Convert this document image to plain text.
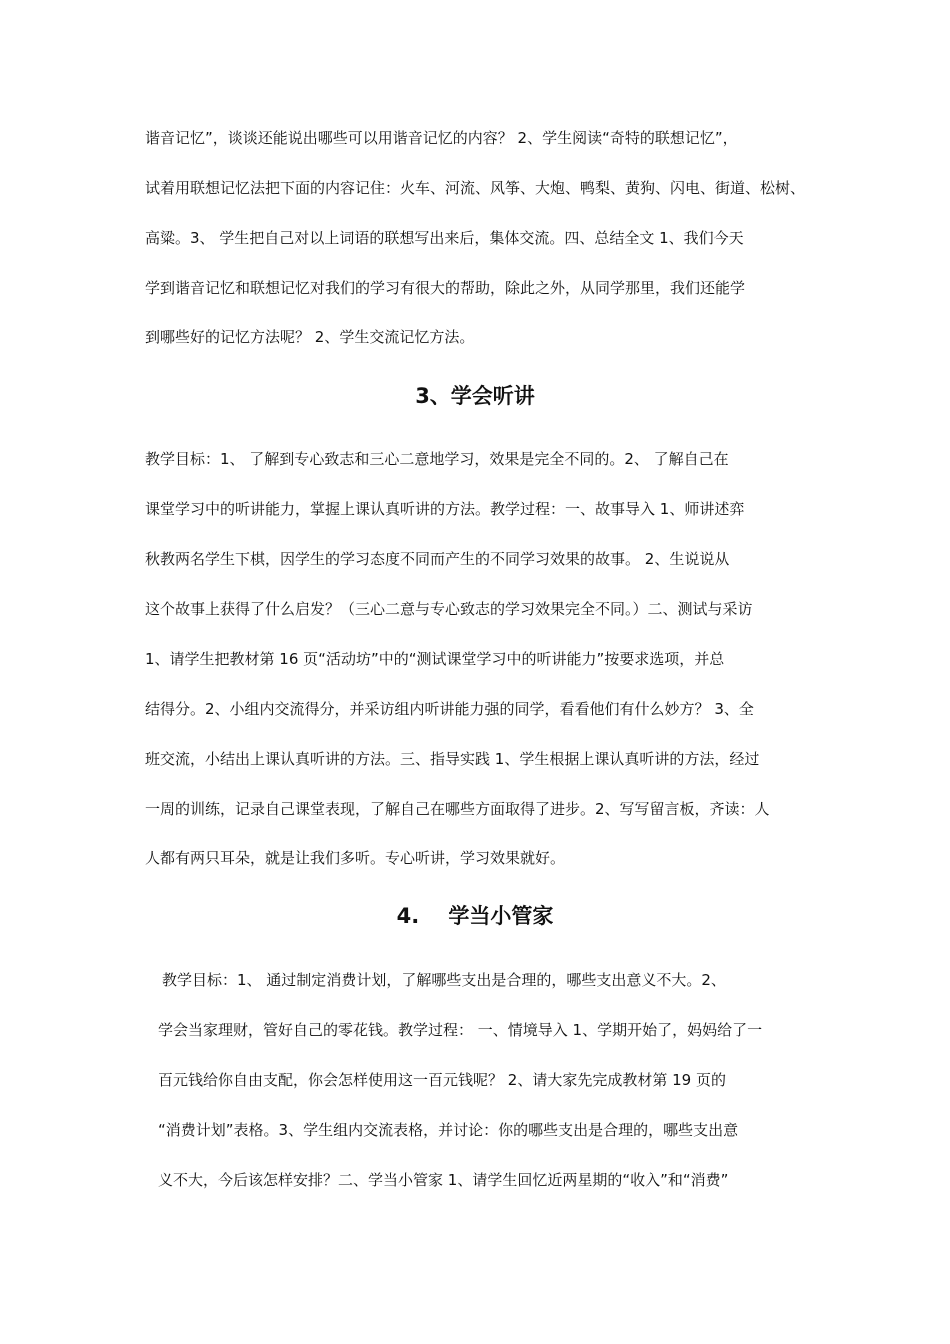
谐音记忆”，谈谈还能说出哪些可以用谐音记忆的内容？ 2、学生阅读“奇特的联想记忆”，
试着用联想记忆法把下面的内容记住：火车、河流、风筝、大炮、鸭梨、黄狗、闪电、街道、松树、
高粱。3、 学生把自己对以上词语的联想写出来后，集体交流。四、总结全文 1、我们今天
学到谐音记忆和联想记忆对我们的学习有很大的帮助，除此之外，从同学那里，我们还能学
到哪些好的记忆方法呢？ 2、学生交流记忆方法。
3、学会听讲
教学目标：1、 了解到专心致志和三心二意地学习，效果是完全不同的。2、 了解自己在
课堂学习中的听讲能力，掌握上课认真听讲的方法。教学过程：一、故事导入 1、师讲述弈
秋教两名学生下棋，因学生的学习态度不同而产生的不同学习效果的故事。 2、生说说从
这个故事上获得了什么启发？（三心二意与专心致志的学习效果完全不同。）二、测试与采访
1、请学生把教材第 16 页“活动坊”中的“测试课堂学习中的听讲能力”按要求选项，并总
结得分。2、小组内交流得分，并采访组内听讲能力强的同学，看看他们有什么妙方？ 3、全
班交流，小结出上课认真听讲的方法。三、指导实践 1、学生根据上课认真听讲的方法，经过
一周的训练，记录自己课堂表现，了解自己在哪些方面取得了进步。2、写写留言板，齐读：人
人都有两只耳朵，就是让我们多听。专心听讲，学习效果就好。
4.    学当小管家
教学目标：1、 通过制定消费计划，了解哪些支出是合理的，哪些支出意义不大。2、
学会当家理财，管好自己的零花钱。教学过程： 一、情境导入 1、学期开始了，妈妈给了一
百元钱给你自由支配，你会怎样使用这一百元钱呢？ 2、请大家先完成教材第 19 页的
“消费计划”表格。3、学生组内交流表格，并讨论：你的哪些支出是合理的，哪些支出意
义不大，今后该怎样安排？二、学当小管家 1、请学生回忆近两星期的“收入”和“消费”
